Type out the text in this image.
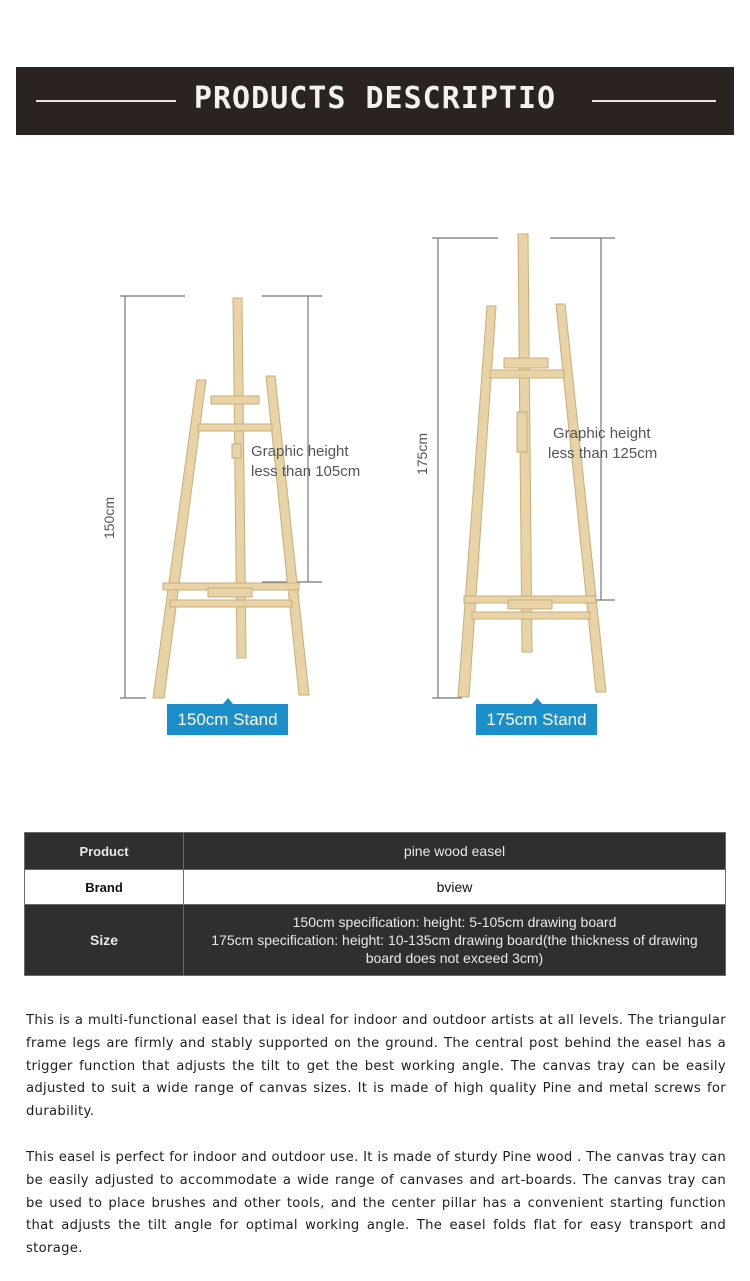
PRODUCTS DESCRIPTIO
150cm
Graphic height
less than 105cm	175cm	Graphic height
less than 125cm
150cm Stand	175cm Stand
Product	pine wood easel
Brand	bview
Size	150cm specification: height: 5-105cm drawing board
175cm specification: height: 10-135cm drawing board(the thickness of drawing
board does not exceed 3cm)

This is a multi-functional easel that is ideal for indoor and outdoor artists at all levels. The triangular frame legs are firmly and stably supported on the ground. The central post behind the easel has a trigger function that adjusts the tilt to get the best working angle. The canvas tray can be easily adjusted to suit a wide range of canvas sizes. It is made of high quality Pine and metal screws for durability.

This easel is perfect for indoor and outdoor use. It is made of sturdy Pine wood . The canvas tray can be easily adjusted to accommodate a wide range of canvases and art-boards. The canvas tray can be used to place brushes and other tools, and the center pillar has a convenient starting function that adjusts the tilt angle for optimal working angle. The easel folds flat for easy transport and storage.
